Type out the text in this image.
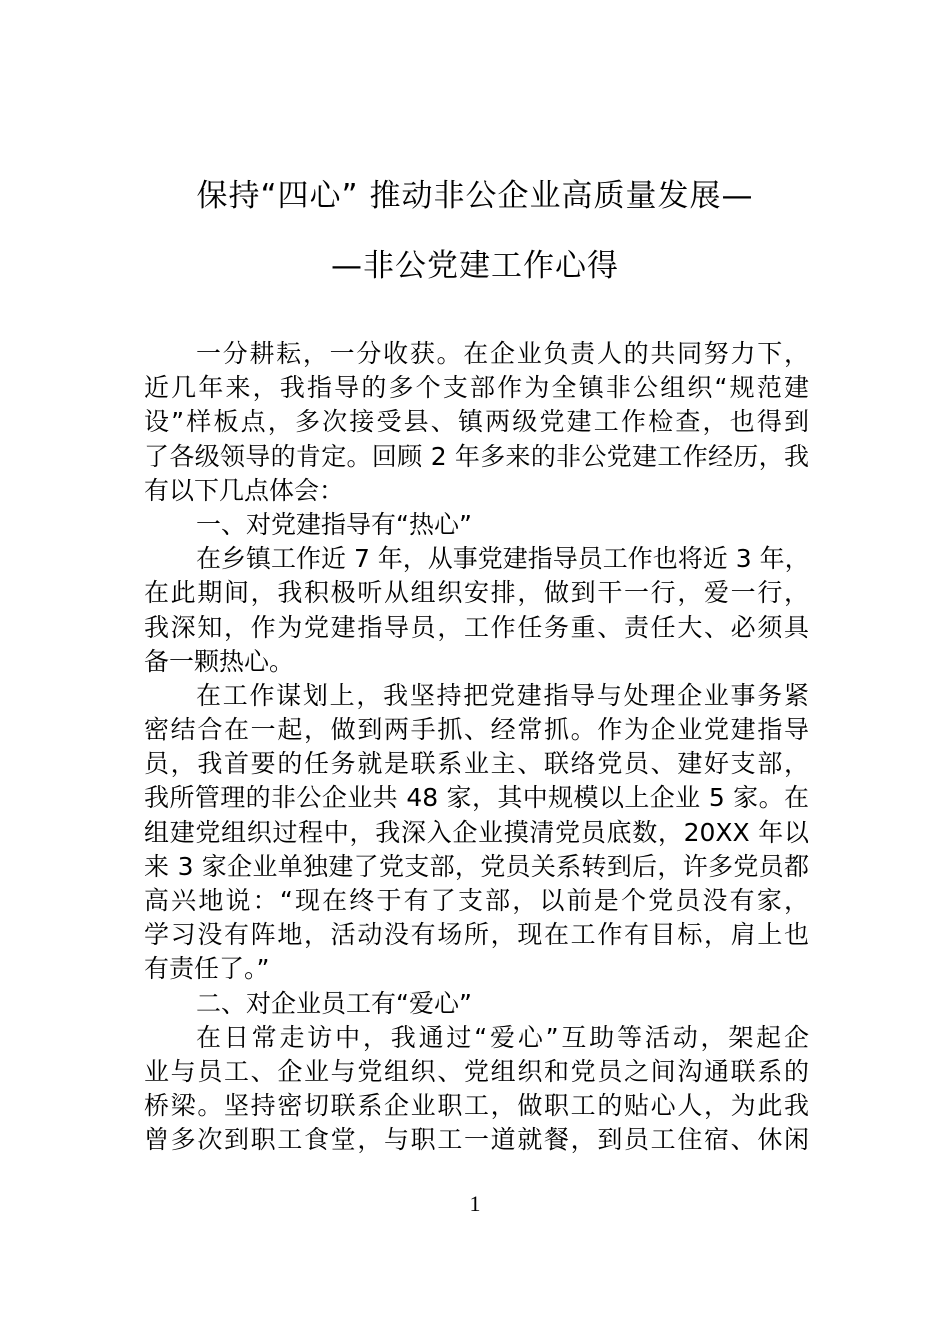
保持“四心” 推动非公企业高质量发展—
—非公党建工作心得
一分耕耘，一分收获。在企业负责人的共同努力下，
近几年来，我指导的多个支部作为全镇非公组织“规范建
设”样板点，多次接受县、镇两级党建工作检查，也得到
了各级领导的肯定。回顾 2 年多来的非公党建工作经历，我
有以下几点体会：
一、对党建指导有“热心”
在乡镇工作近 7 年，从事党建指导员工作也将近 3 年，
在此期间，我积极听从组织安排，做到干一行，爱一行，
我深知，作为党建指导员，工作任务重、责任大、必须具
备一颗热心。
在工作谋划上，我坚持把党建指导与处理企业事务紧
密结合在一起，做到两手抓、经常抓。作为企业党建指导
员，我首要的任务就是联系业主、联络党员、建好支部，
我所管理的非公企业共 48 家，其中规模以上企业 5 家。在
组建党组织过程中，我深入企业摸清党员底数，20XX 年以
来 3 家企业单独建了党支部，党员关系转到后，许多党员都
高兴地说：“现在终于有了支部，以前是个党员没有家，
学习没有阵地，活动没有场所，现在工作有目标，肩上也
有责任了。”
二、对企业员工有“爱心”
在日常走访中，我通过“爱心”互助等活动，架起企
业与员工、企业与党组织、党组织和党员之间沟通联系的
桥梁。坚持密切联系企业职工，做职工的贴心人，为此我
曾多次到职工食堂，与职工一道就餐，到员工住宿、休闲
1
